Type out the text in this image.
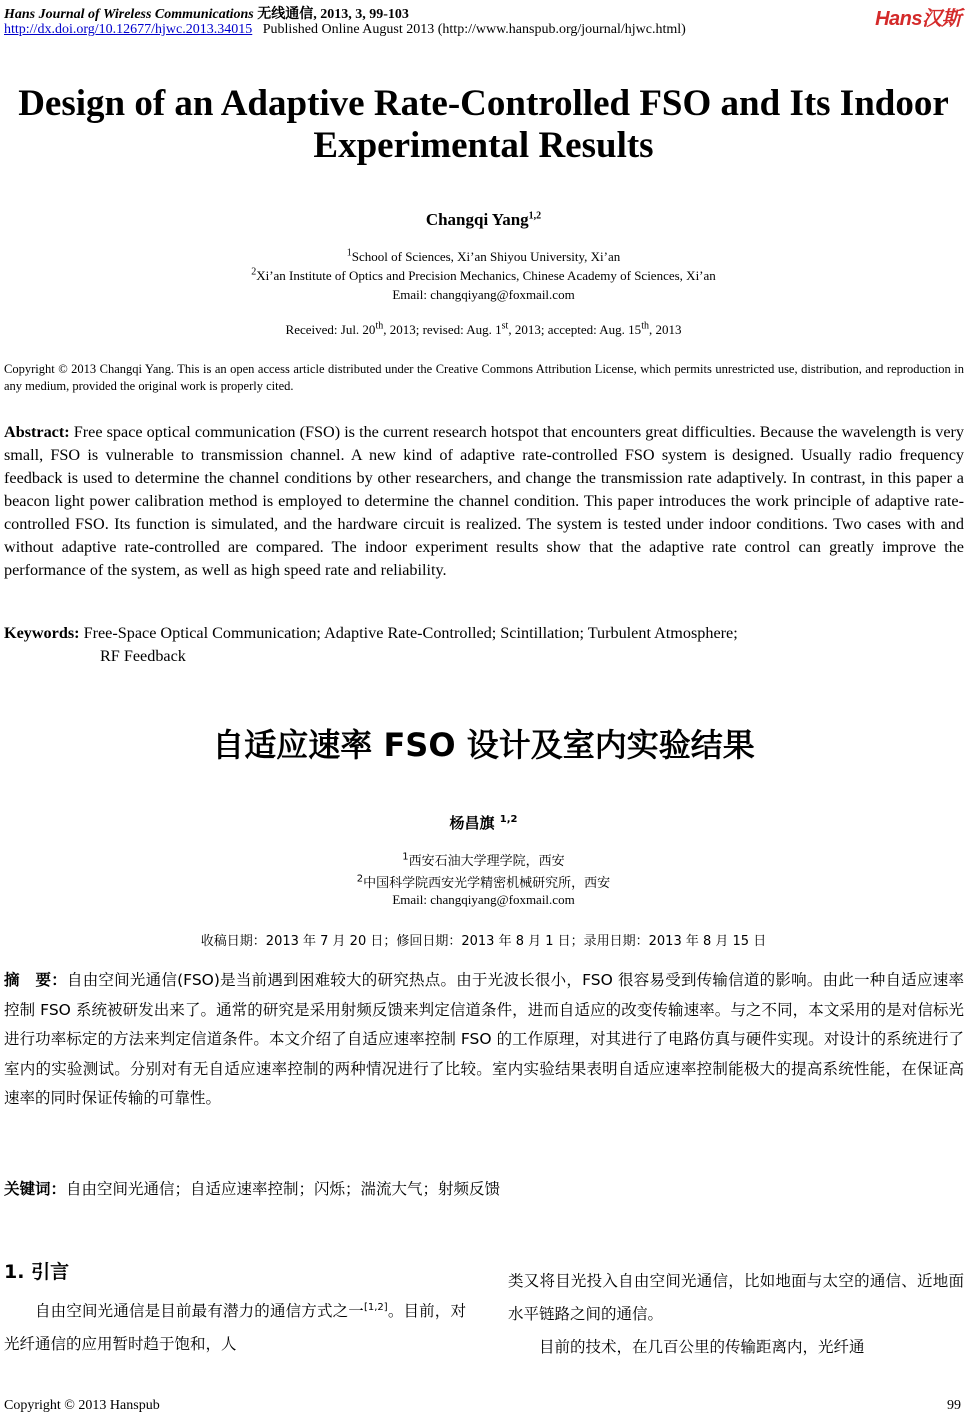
Hans Journal of Wireless Communications 无线通信, 2013, 3, 99-103
http://dx.doi.org/10.12677/hjwc.2013.34015 Published Online August 2013 (http://www.hanspub.org/journal/hjwc.html)	Hans汉斯
Design of an Adaptive Rate-Controlled FSO and Its Indoor Experimental Results
Changqi Yang$^{1,2}$
$^1$School of Sciences, Xi’an Shiyou University, Xi’an
$^2$Xi’an Institute of Optics and Precision Mechanics, Chinese Academy of Sciences, Xi’an
Email: changqiyang@foxmail.com
Received: Jul. 20th, 2013; revised: Aug. 1st, 2013; accepted: Aug. 15th, 2013
Copyright © 2013 Changqi Yang. This is an open access article distributed under the Creative Commons Attribution License, which permits unrestricted use, distribution, and reproduction in any medium, provided the original work is properly cited.
Abstract: Free space optical communication (FSO) is the current research hotspot that encounters great difficulties. Because the wavelength is very small, FSO is vulnerable to transmission channel. A new kind of adaptive rate-controlled FSO system is designed. Usually radio frequency feedback is used to determine the channel conditions by other researchers, and change the transmission rate adaptively. In contrast, in this paper a beacon light power calibration method is employed to determine the channel condition. This paper introduces the work principle of adaptive rate-controlled FSO. Its function is simulated, and the hardware circuit is realized. The system is tested under indoor conditions. Two cases with and without adaptive rate-controlled are compared. The indoor experiment results show that the adaptive rate control can greatly improve the performance of the system, as well as high speed rate and reliability.
Keywords: Free-Space Optical Communication; Adaptive Rate-Controlled; Scintillation; Turbulent Atmosphere;
RF Feedback
自适应速率 FSO 设计及室内实验结果
杨昌旗 $^{1,2}$
$^1$西安石油大学理学院，西安
$^2$中国科学院西安光学精密机械研究所，西安
Email: changqiyang@foxmail.com
收稿日期：2013 年 7 月 20 日；修回日期：2013 年 8 月 1 日；录用日期：2013 年 8 月 15 日
摘　要：自由空间光通信(FSO)是当前遇到困难较大的研究热点。由于光波长很小，FSO 很容易受到传输信道的影响。由此一种自适应速率控制 FSO 系统被研发出来了。通常的研究是采用射频反馈来判定信道条件，进而自适应的改变传输速率。与之不同，本文采用的是对信标光进行功率标定的方法来判定信道条件。本文介绍了自适应速率控制 FSO 的工作原理，对其进行了电路仿真与硬件实现。对设计的系统进行了室内的实验测试。分别对有无自适应速率控制的两种情况进行了比较。室内实验结果表明自适应速率控制能极大的提高系统性能，在保证高速率的同时保证传输的可靠性。
关键词：自由空间光通信；自适应速率控制；闪烁；湍流大气；射频反馈
1. 引言

自由空间光通信是目前最有潜力的通信方式之一[1,2]。目前，对光纤通信的应用暂时趋于饱和，人

类又将目光投入自由空间光通信，比如地面与太空的通信、近地面水平链路之间的通信。

目前的技术，在几百公里的传输距离内，光纤通

Copyright © 2013 Hanspub	99
